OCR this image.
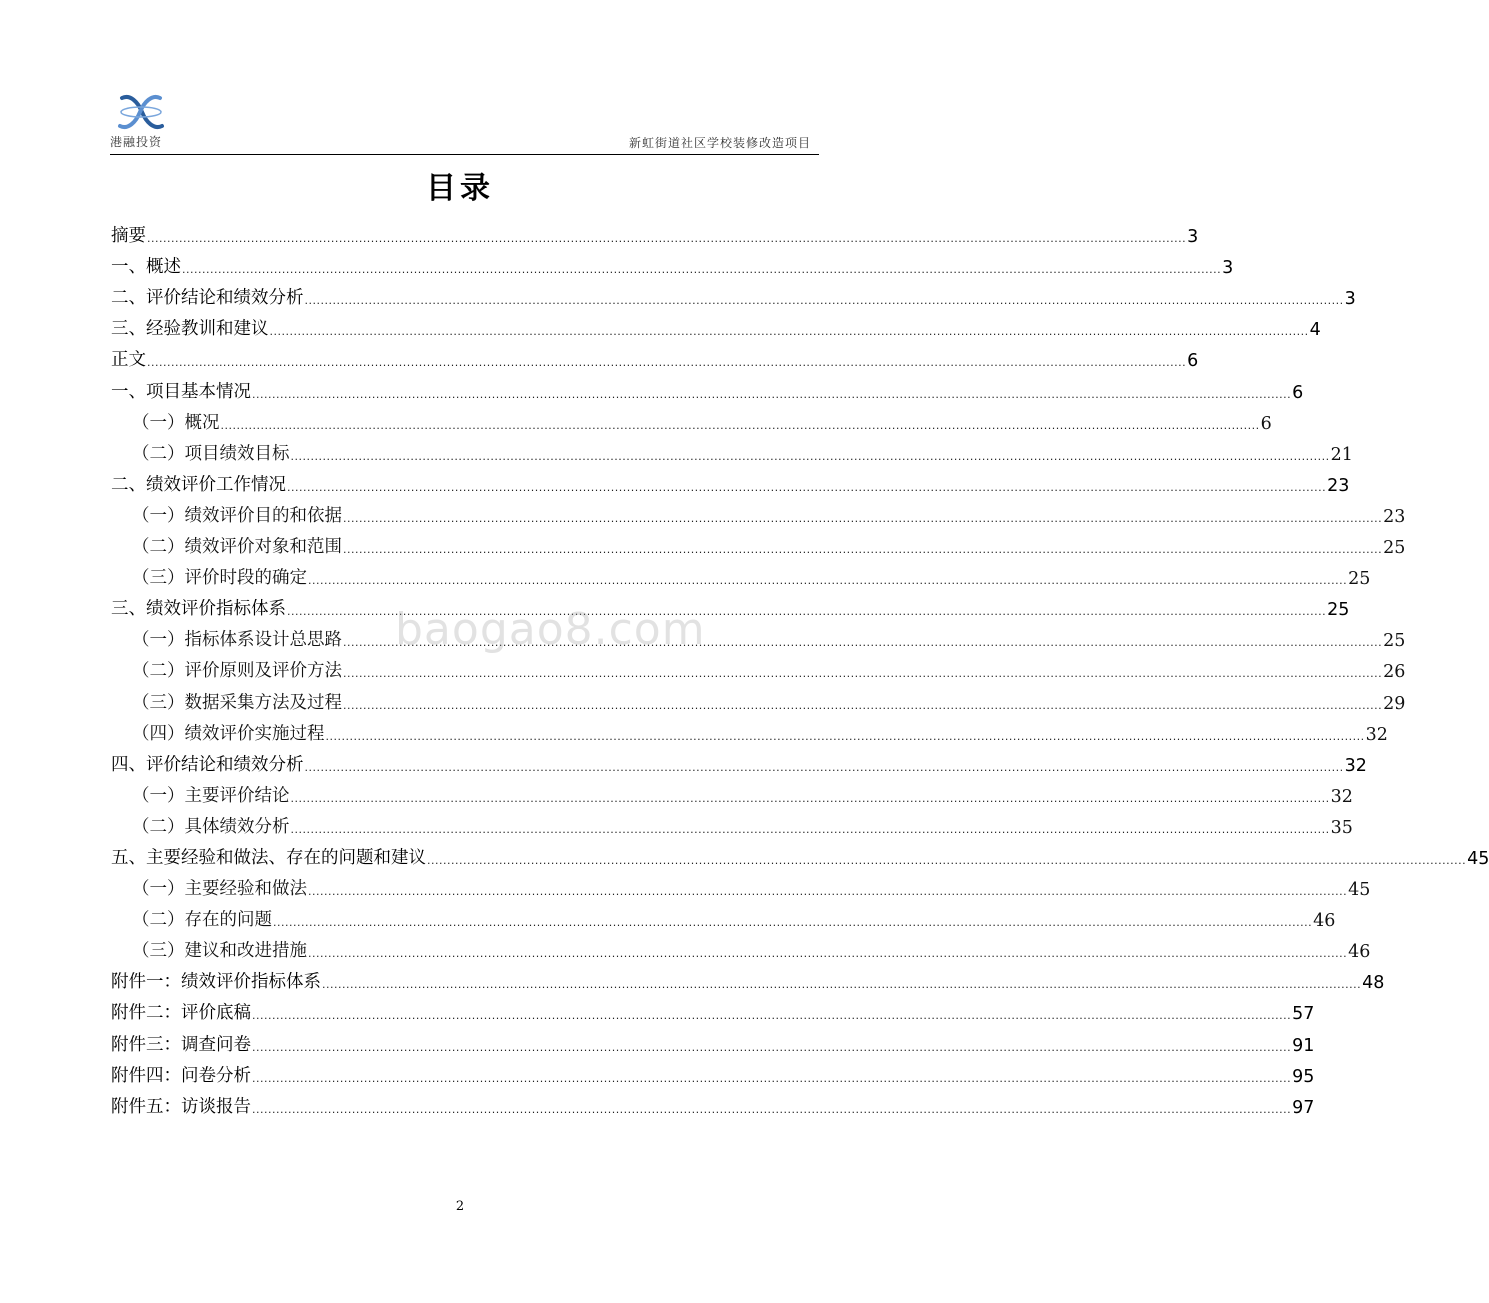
港融投资	新虹街道社区学校装修改造项目
目录
摘要 .................................................................................................................................................................................................................................................................... 3
一、概述 .................................................................................................................................................................................................................................................................... 3
二、评价结论和绩效分析 .................................................................................................................................................................................................................................................................... 3
三、经验教训和建议 .................................................................................................................................................................................................................................................................... 4
正文 .................................................................................................................................................................................................................................................................... 6
一、项目基本情况 .................................................................................................................................................................................................................................................................... 6
（一）概况 .................................................................................................................................................................................................................................................................... 6
（二）项目绩效目标 .................................................................................................................................................................................................................................................................... 21
二、绩效评价工作情况 .................................................................................................................................................................................................................................................................... 23
（一）绩效评价目的和依据 .................................................................................................................................................................................................................................................................... 23
（二）绩效评价对象和范围 .................................................................................................................................................................................................................................................................... 25
（三）评价时段的确定 .................................................................................................................................................................................................................................................................... 25
三、绩效评价指标体系 .................................................................................................................................................................................................................................................................... 25
（一）指标体系设计总思路 .................................................................................................................................................................................................................................................................... 25
（二）评价原则及评价方法 .................................................................................................................................................................................................................................................................... 26
（三）数据采集方法及过程 .................................................................................................................................................................................................................................................................... 29
（四）绩效评价实施过程 .................................................................................................................................................................................................................................................................... 32
四、评价结论和绩效分析 .................................................................................................................................................................................................................................................................... 32
（一）主要评价结论 .................................................................................................................................................................................................................................................................... 32
（二）具体绩效分析 .................................................................................................................................................................................................................................................................... 35
五、主要经验和做法、存在的问题和建议 .................................................................................................................................................................................................................................................................... 45
（一）主要经验和做法 .................................................................................................................................................................................................................................................................... 45
（二）存在的问题 .................................................................................................................................................................................................................................................................... 46
（三）建议和改进措施 .................................................................................................................................................................................................................................................................... 46
附件一：绩效评价指标体系 .................................................................................................................................................................................................................................................................... 48
附件二：评价底稿 .................................................................................................................................................................................................................................................................... 57
附件三：调查问卷 .................................................................................................................................................................................................................................................................... 91
附件四：问卷分析 .................................................................................................................................................................................................................................................................... 95
附件五：访谈报告 .................................................................................................................................................................................................................................................................... 97
baogao8.com
2
